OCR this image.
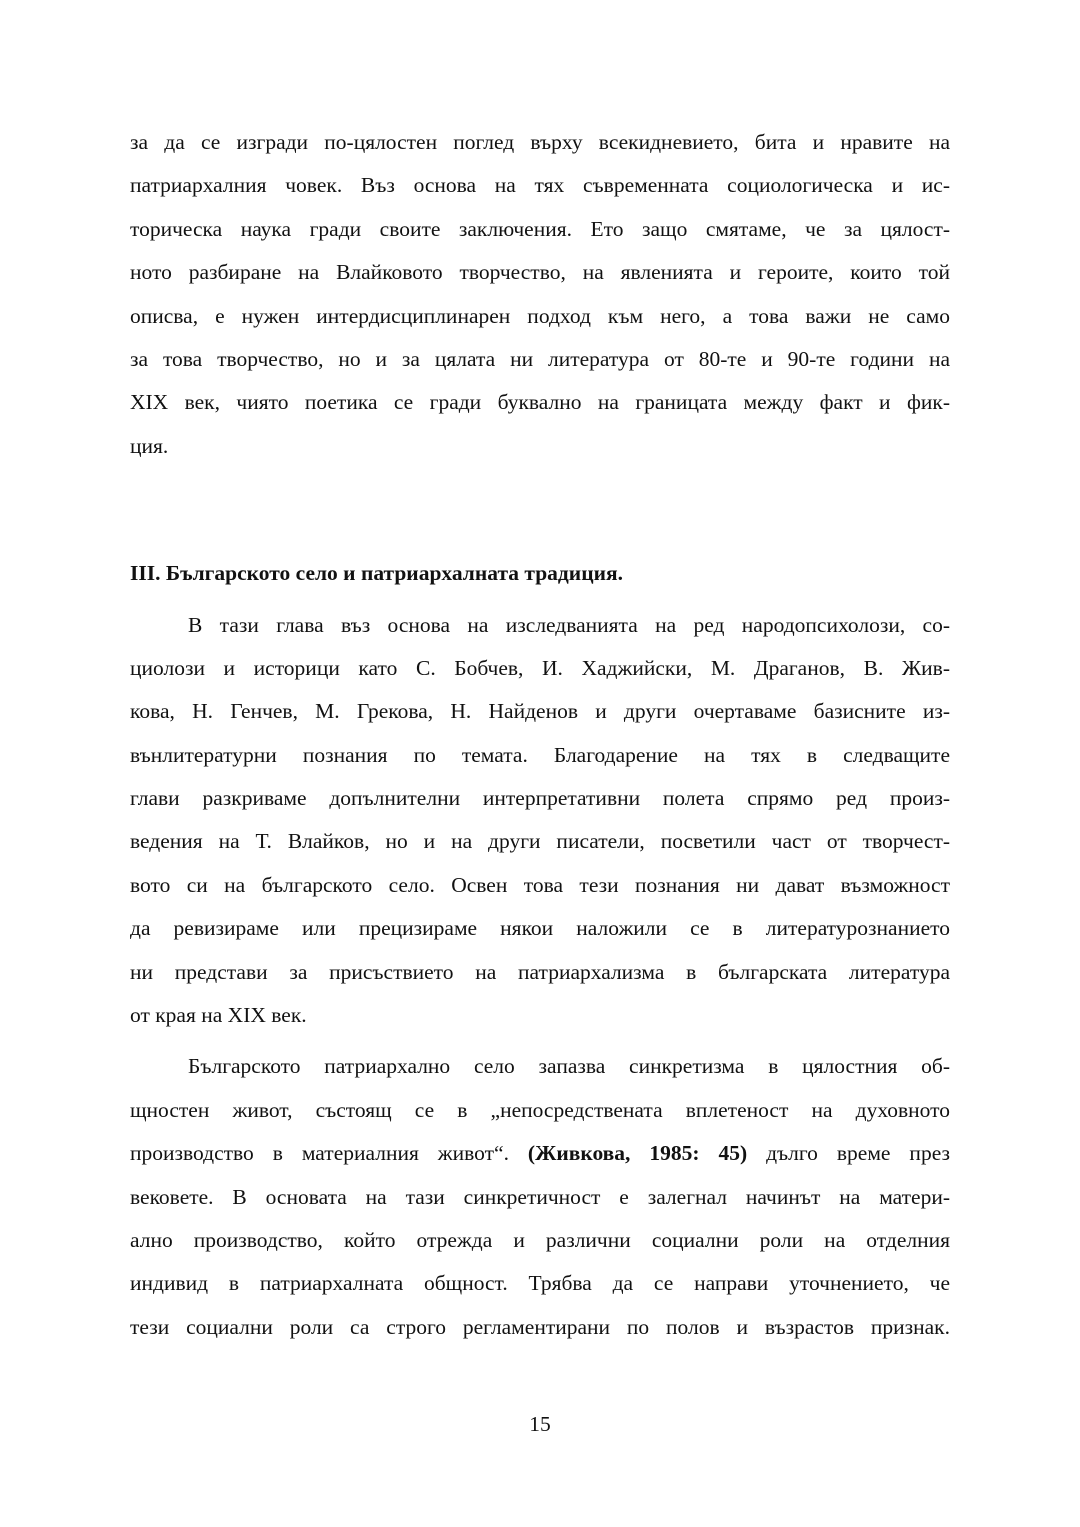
за да се изгради по-цялостен поглед върху всекидневието, бита и нравите на
патриархалния човек. Въз основа на тях съвременната социологическа и ис-
торическа наука гради своите заключения. Ето защо смятаме, че за цялост-
ното разбиране на Влайковото творчество, на явленията и героите, които той
описва, е нужен интердисциплинарен подход към него, а това важи не само
за това творчество, но и за цялата ни литература от 80-те и 90-те години на
XIX век, чиято поетика се гради буквално на границата между факт и фик-
ция.
III. Българското село и патриархалната традиция.
В тази глава въз основа на изследванията на ред народопсихолози, со-
циолози и историци като С. Бобчев, И. Хаджийски, М. Драганов, В. Жив-
кова, Н. Генчев, М. Грекова, Н. Найденов и други очертаваме базисните из-
вънлитературни познания по темата. Благодарение на тях в следващите
глави разкриваме допълнителни интерпретативни полета спрямо ред произ-
ведения на Т. Влайков, но и на други писатели, посветили част от творчест-
вото си на българското село. Освен това тези познания ни дават възможност
да ревизираме или прецизираме някои наложили се в литературознанието
ни представи за присъствието на патриархализма в българската литература
от края на XIX век.
Българското патриархално село запазва синкретизма в цялостния об-
щностен живот, състоящ се в „непосредствената вплетеност на духовното
производство в материалния живот“. (Живкова, 1985: 45) дълго време през
вековете. В основата на тази синкретичност е залегнал начинът на матери-
ално производство, който отрежда и различни социални роли на отделния
индивид в патриархалната общност. Трябва да се направи уточнението, че
тези социални роли са строго регламентирани по полов и възрастов признак.
15
